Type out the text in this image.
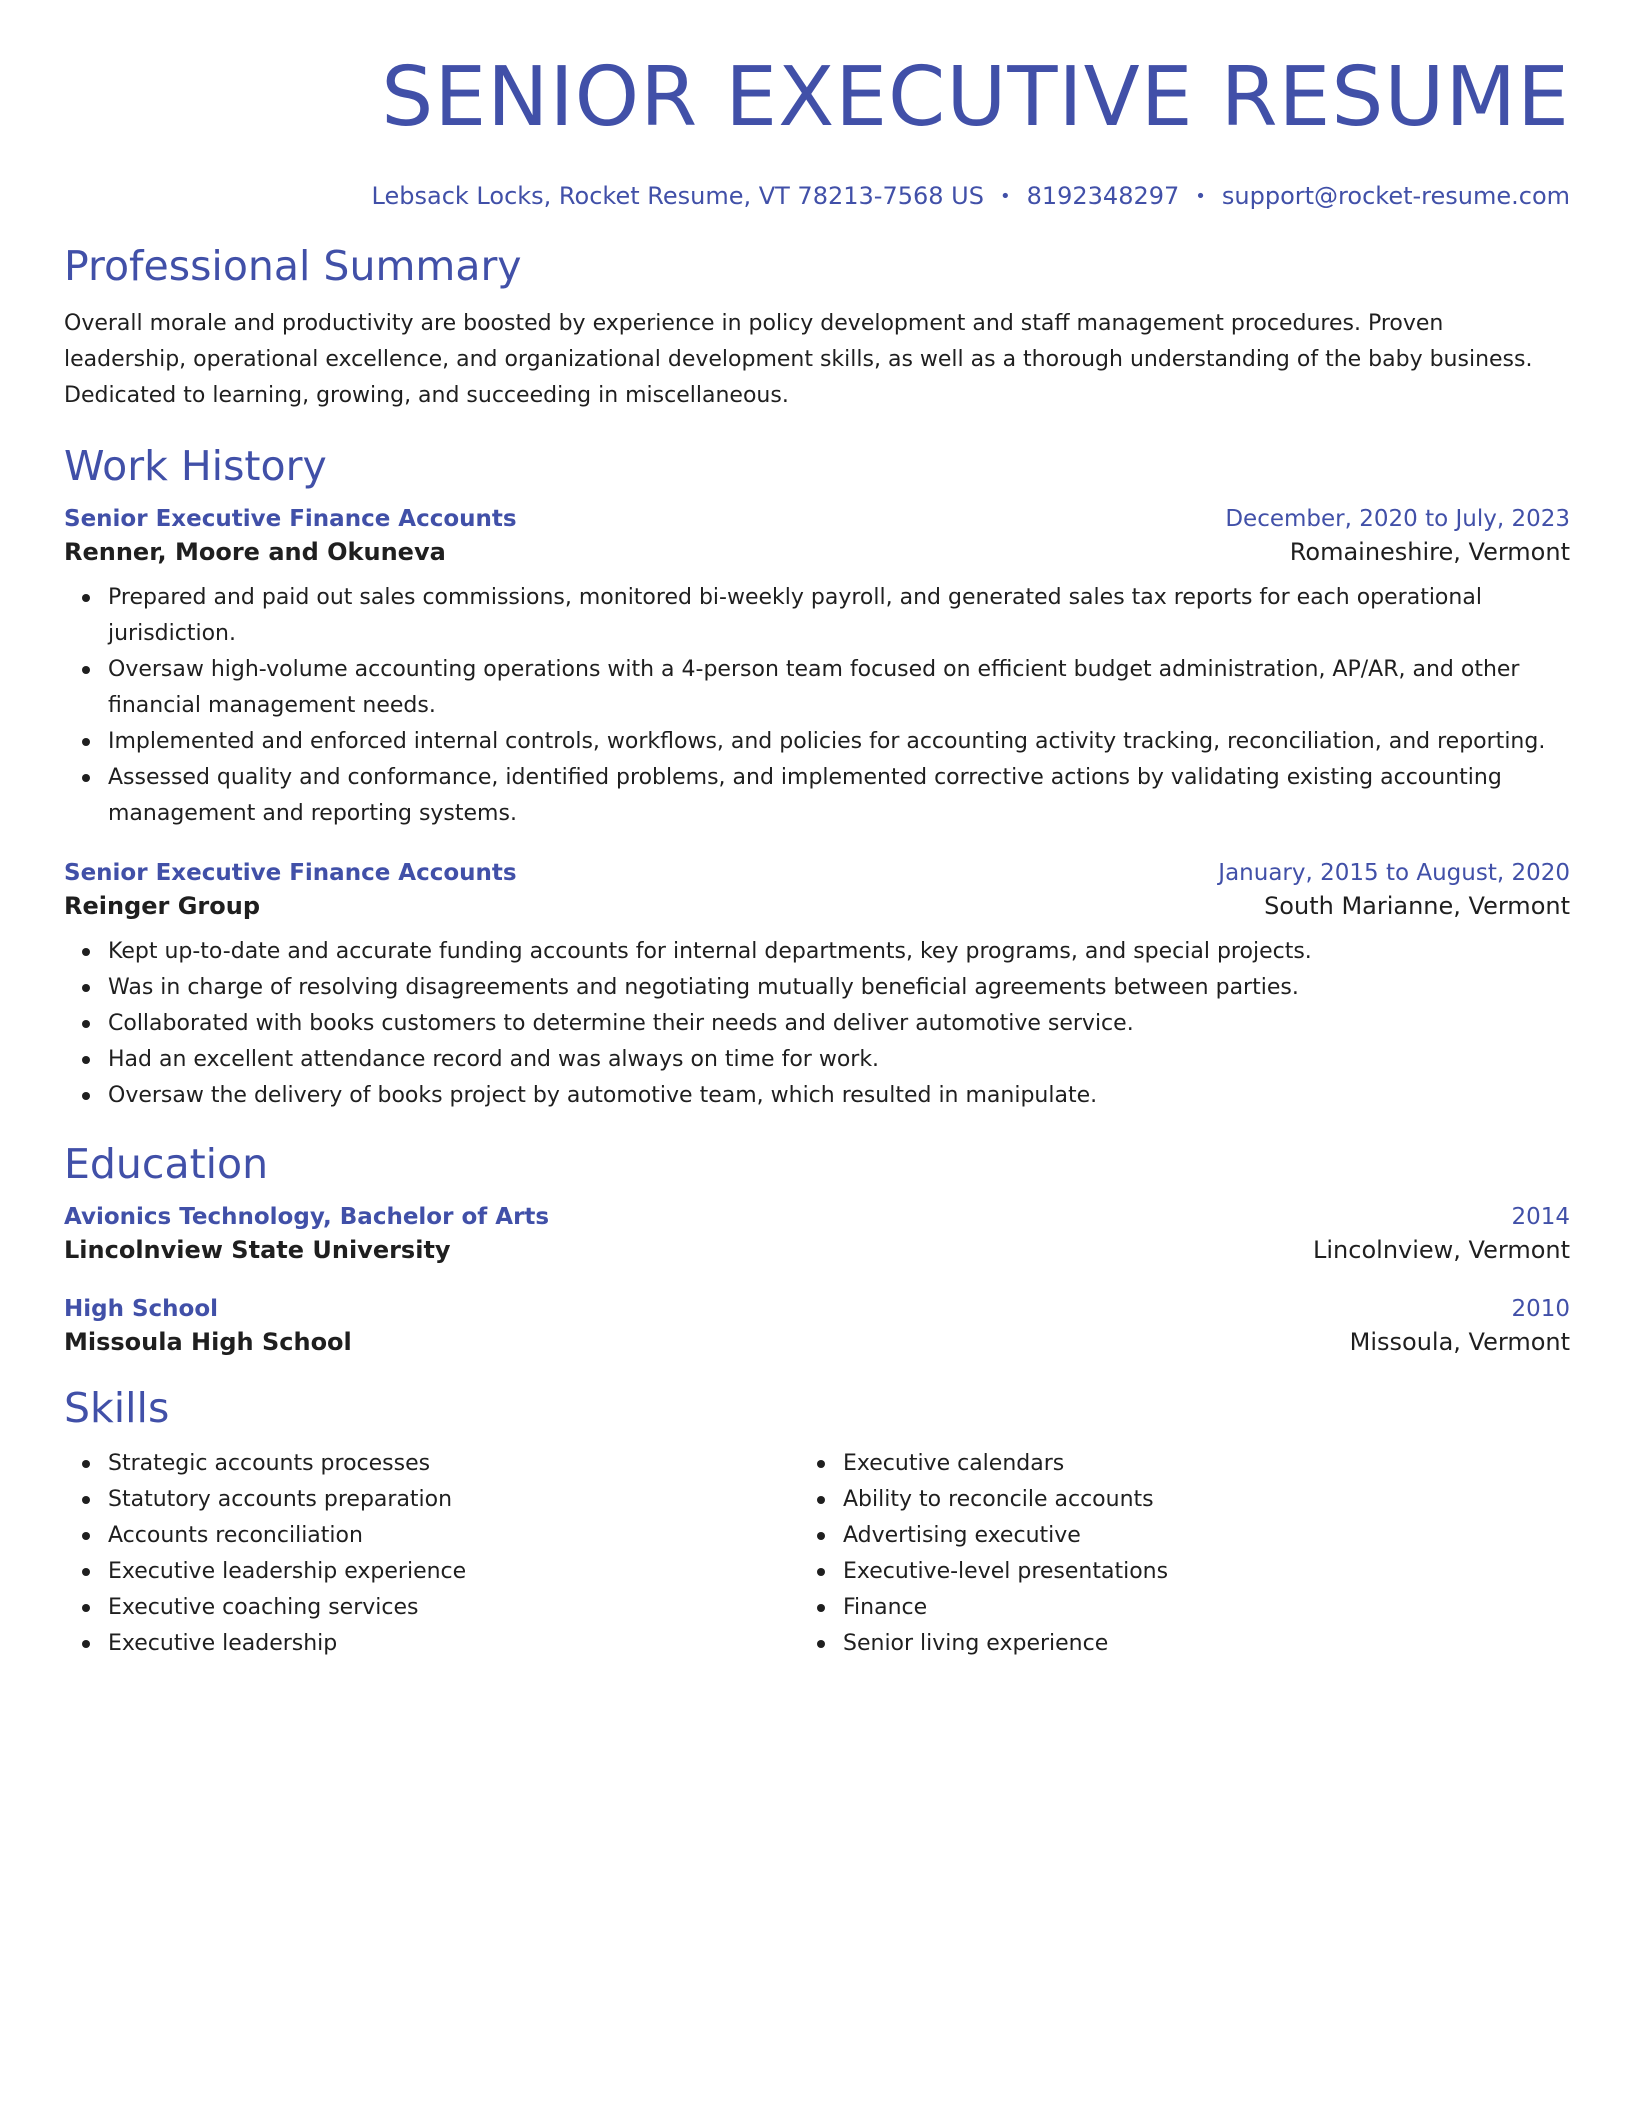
SENIOR EXECUTIVE RESUME
Lebsack Locks, Rocket Resume, VT 78213-7568 US • 8192348297 • support@rocket-resume.com
Professional Summary

Overall morale and productivity are boosted by experience in policy development and staff management procedures. Proven leadership, operational excellence, and organizational development skills, as well as a thorough understanding of the baby business. Dedicated to learning, growing, and succeeding in miscellaneous.

Work History
Senior Executive Finance Accounts	December, 2020 to July, 2023
Renner, Moore and Okuneva	Romaineshire, Vermont
Prepared and paid out sales commissions, monitored bi-weekly payroll, and generated sales tax reports for each operational jurisdiction.
Oversaw high-volume accounting operations with a 4-person team focused on efficient budget administration, AP/AR, and other financial management needs.
Implemented and enforced internal controls, workflows, and policies for accounting activity tracking, reconciliation, and reporting.
Assessed quality and conformance, identified problems, and implemented corrective actions by validating existing accounting management and reporting systems.
Senior Executive Finance Accounts	January, 2015 to August, 2020
Reinger Group	South Marianne, Vermont
Kept up-to-date and accurate funding accounts for internal departments, key programs, and special projects.
Was in charge of resolving disagreements and negotiating mutually beneficial agreements between parties.
Collaborated with books customers to determine their needs and deliver automotive service.
Had an excellent attendance record and was always on time for work.
Oversaw the delivery of books project by automotive team, which resulted in manipulate.
Education
Avionics Technology, Bachelor of Arts	2014
Lincolnview State University	Lincolnview, Vermont
High School	2010
Missoula High School	Missoula, Vermont
Skills
Strategic accounts processes
Statutory accounts preparation
Accounts reconciliation
Executive leadership experience
Executive coaching services
Executive leadership
Executive calendars
Ability to reconcile accounts
Advertising executive
Executive-level presentations
Finance
Senior living experience
